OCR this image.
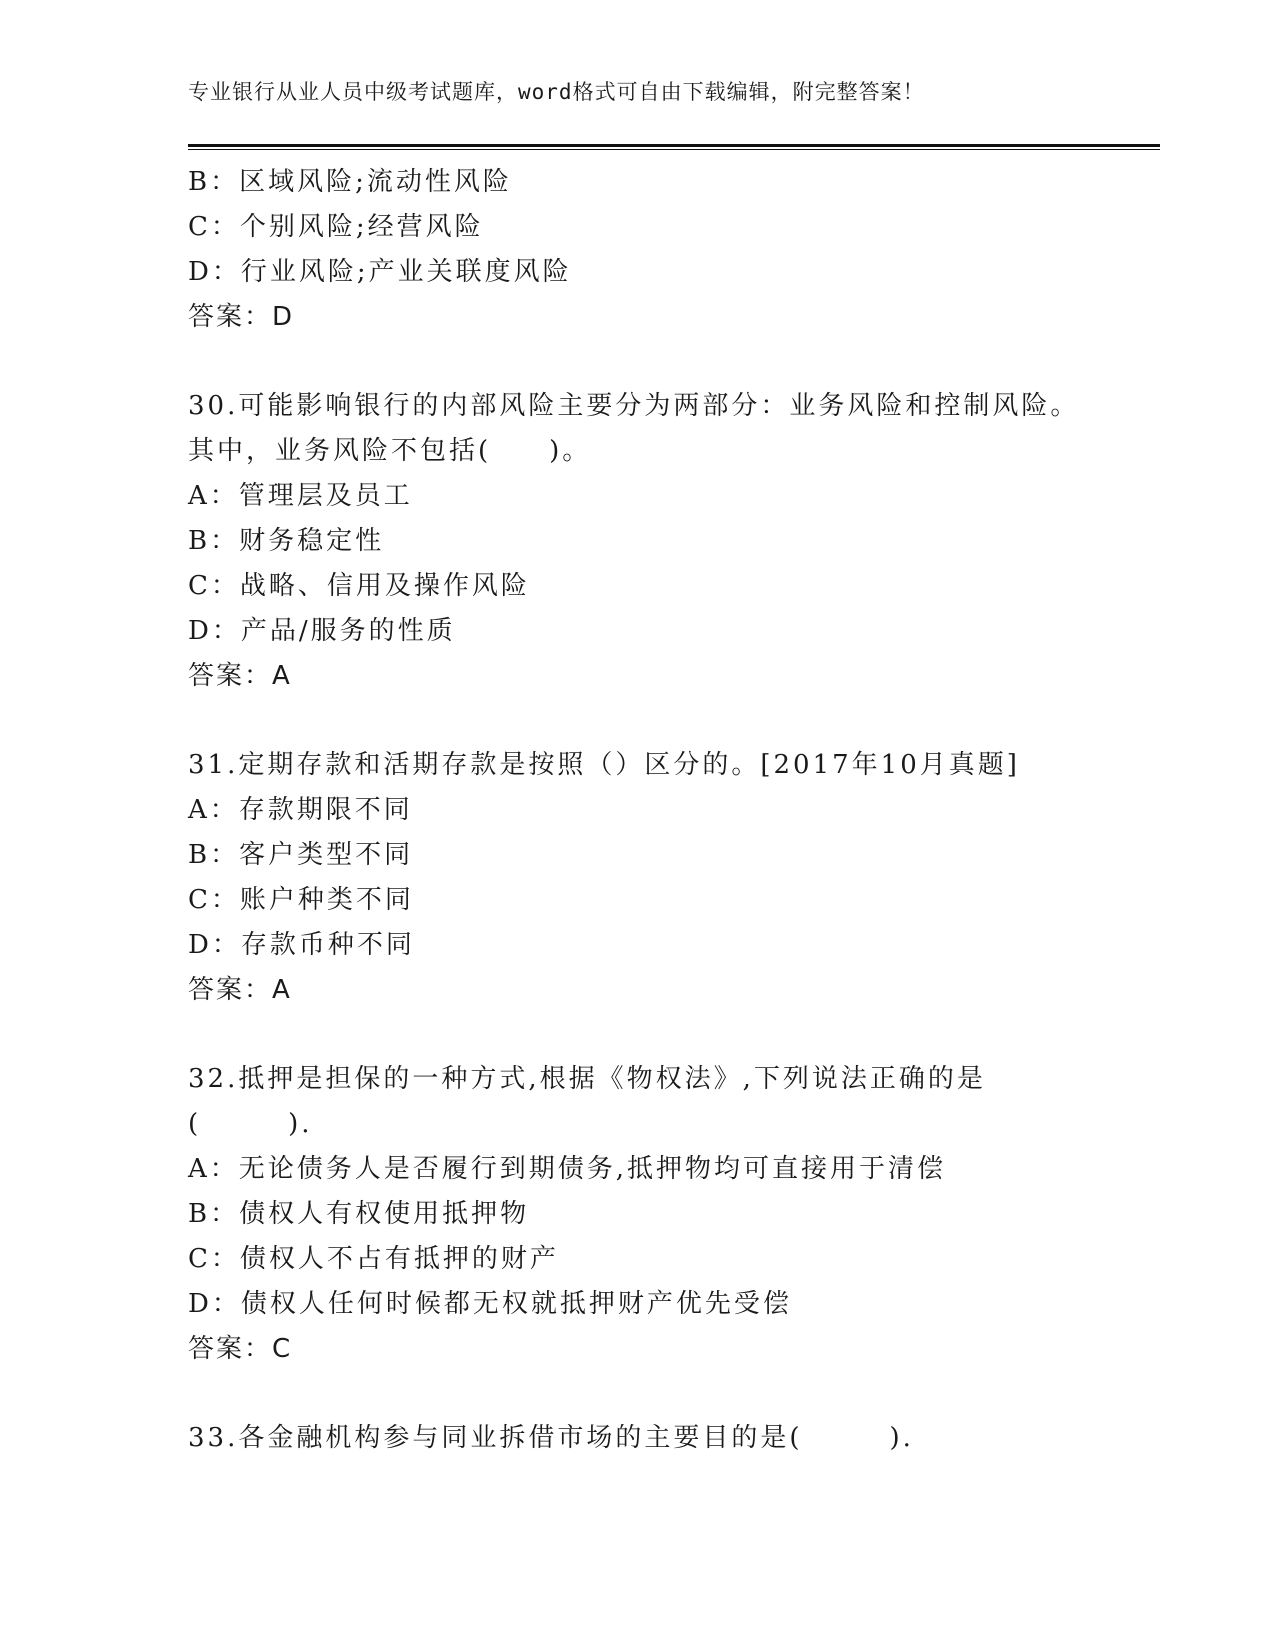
专业银行从业人员中级考试题库，word格式可自由下载编辑，附完整答案！
B：区域风险;流动性风险
C：个别风险;经营风险
D：行业风险;产业关联度风险
答案：D
30.可能影响银行的内部风险主要分为两部分：业务风险和控制风险。
其中，业务风险不包括(　　)。
A：管理层及员工
B：财务稳定性
C：战略、信用及操作风险
D：产品/服务的性质
答案：A
31.定期存款和活期存款是按照（）区分的。[2017年10月真题]
A：存款期限不同
B：客户类型不同
C：账户种类不同
D：存款币种不同
答案：A
32.抵押是担保的一种方式,根据《物权法》,下列说法正确的是
(　　　).
A：无论债务人是否履行到期债务,抵押物均可直接用于清偿
B：债权人有权使用抵押物
C：债权人不占有抵押的财产
D：债权人任何时候都无权就抵押财产优先受偿
答案：C
33.各金融机构参与同业拆借市场的主要目的是(　　　).
